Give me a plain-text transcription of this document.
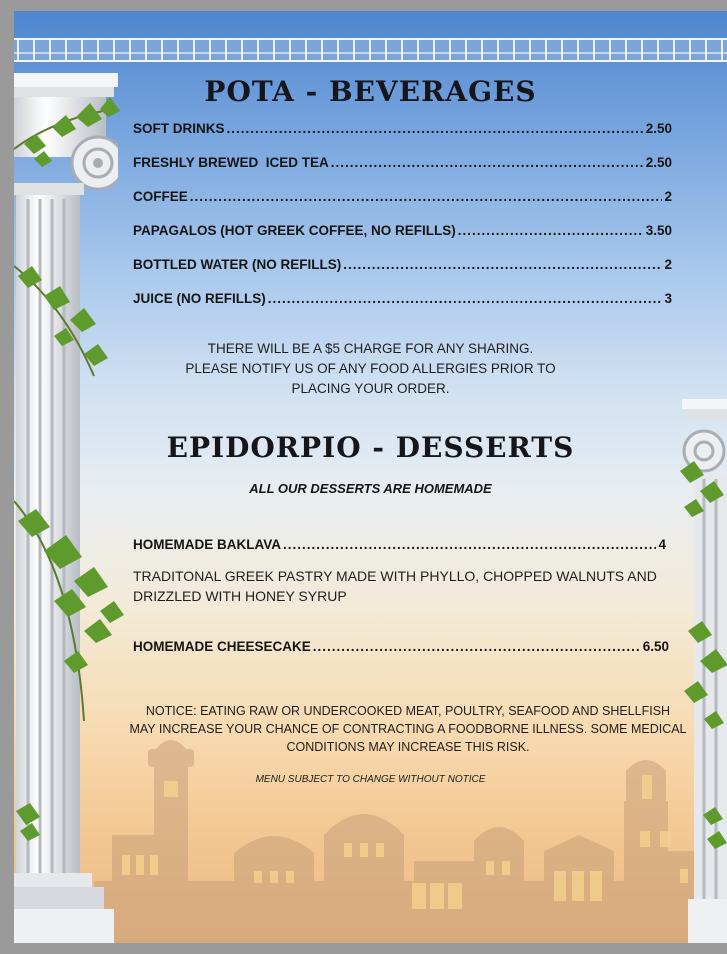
POTA - BEVERAGES
SOFT DRINKS .....	2.50
FRESHLY BREWED  ICED TEA .....	2.50
COFFEE .....	2
PAPAGALOS (HOT GREEK COFFEE, NO REFILLS) .....	3.50
BOTTLED WATER (NO REFILLS) .....	2
JUICE (NO REFILLS) .....	3
THERE WILL BE A $5 CHARGE FOR ANY SHARING.
PLEASE NOTIFY US OF ANY FOOD ALLERGIES PRIOR TO
PLACING YOUR ORDER.
EPIDORPIO - DESSERTS
ALL OUR DESSERTS ARE HOMEMADE
HOMEMADE BAKLAVA .....	4
TRADITONAL GREEK PASTRY MADE WITH PHYLLO, CHOPPED WALNUTS AND DRIZZLED WITH HONEY SYRUP
HOMEMADE CHEESECAKE .....	6.50
NOTICE: EATING RAW OR UNDERCOOKED MEAT, POULTRY, SEAFOOD AND SHELLFISH
MAY INCREASE YOUR CHANCE OF CONTRACTING A FOODBORNE ILLNESS. SOME MEDICAL
CONDITIONS MAY INCREASE THIS RISK.
MENU SUBJECT TO CHANGE WITHOUT NOTICE
